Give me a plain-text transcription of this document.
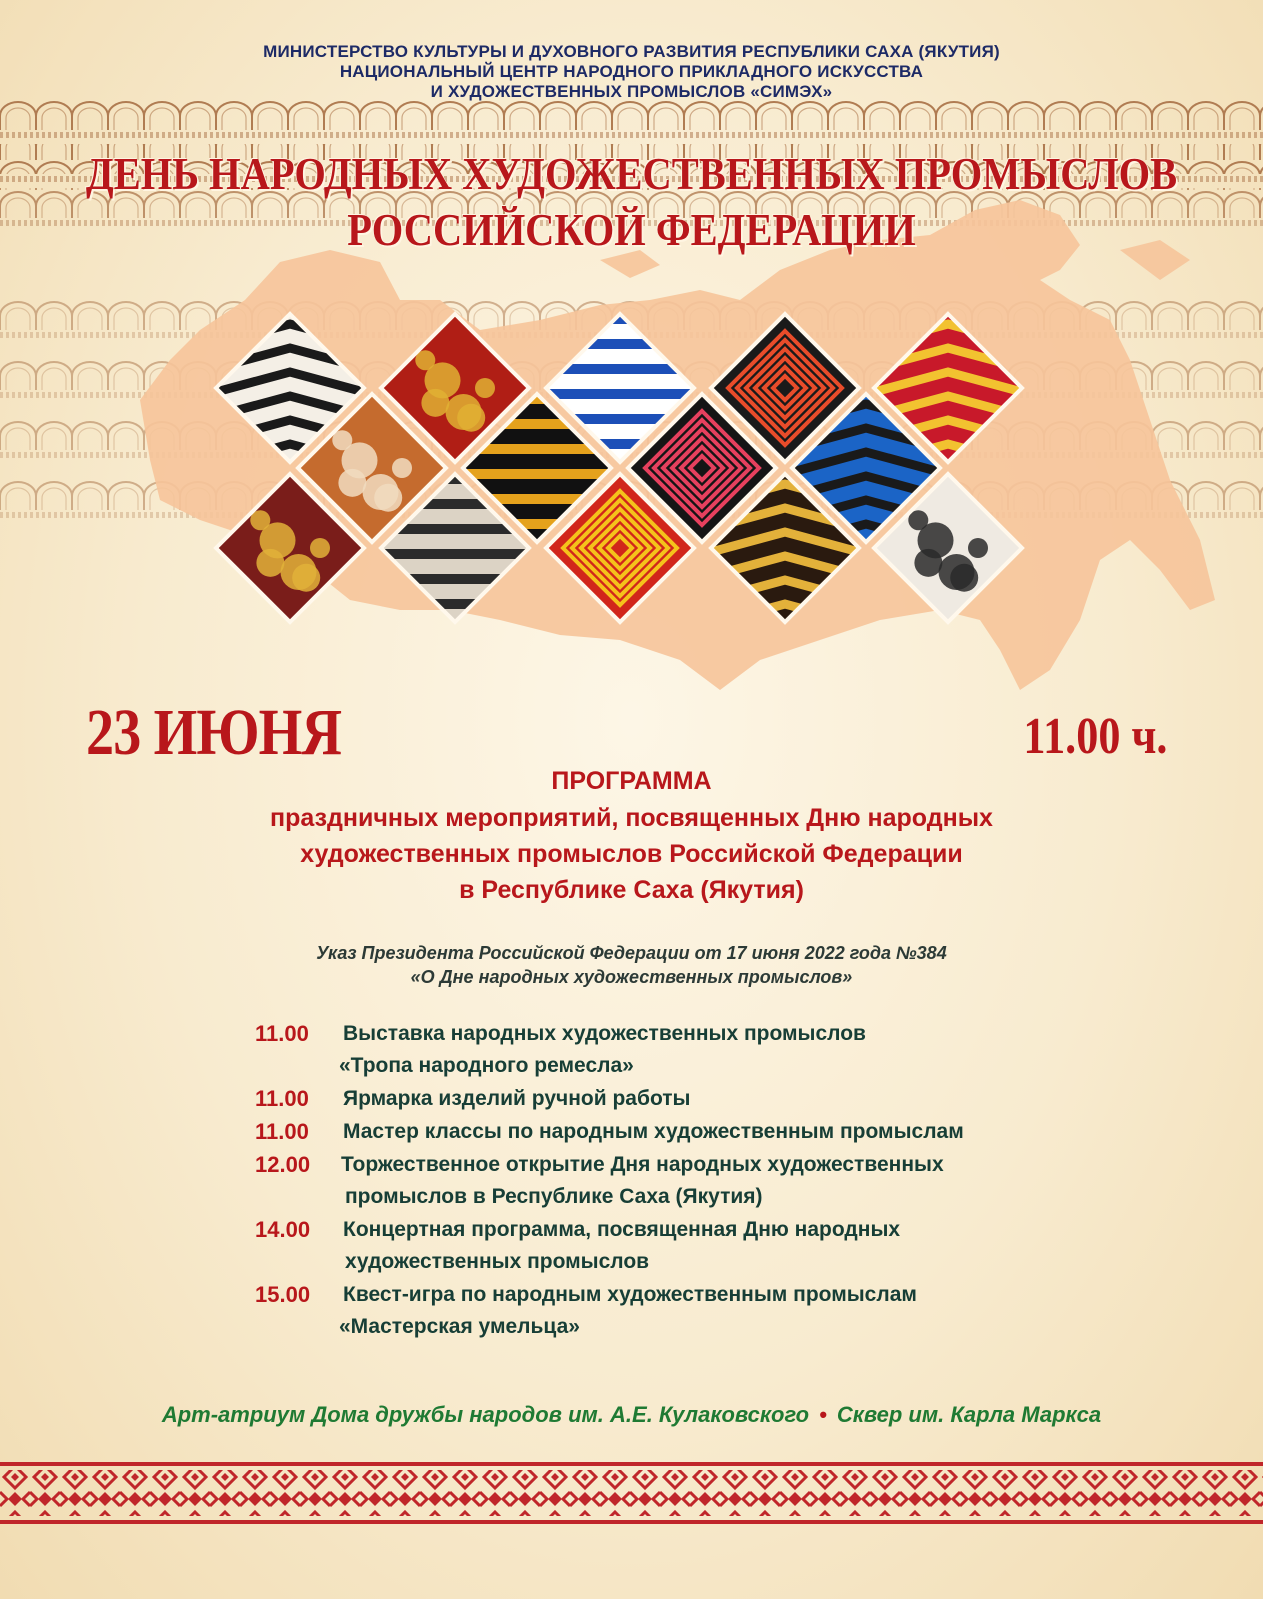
МИНИСТЕРСТВО КУЛЬТУРЫ И ДУХОВНОГО РАЗВИТИЯ РЕСПУБЛИКИ САХА (ЯКУТИЯ)
НАЦИОНАЛЬНЫЙ ЦЕНТР НАРОДНОГО ПРИКЛАДНОГО ИСКУССТВА
И ХУДОЖЕСТВЕННЫХ ПРОМЫСЛОВ «СИМЭХ»
ДЕНЬ НАРОДНЫХ ХУДОЖЕСТВЕННЫХ ПРОМЫСЛОВ
РОССИЙСКОЙ ФЕДЕРАЦИИ
23 ИЮНЯ	11.00 ч.
ПРОГРАММА
праздничных мероприятий, посвященных Дню народных
художественных промыслов Российской Федерации
в Республике Саха (Якутия)
Указ Президента Российской Федерации от 17 июня 2022 года №384
«О Дне народных художественных промыслов»
11.00	Выставка народных художественных промыслов
«Тропа народного ремесла»
11.00	Ярмарка изделий ручной работы
11.00	Мастер классы по народным художественным промыслам
12.00	Торжественное открытие Дня народных художественных
промыслов в Республике Саха (Якутия)
14.00	Концертная программа, посвященная Дню народных
художественных промыслов
15.00	Квест-игра по народным художественным промыслам
«Мастерская умельца»
Арт-атриум Дома дружбы народов им. А.Е. Кулаковского • Сквер им. Карла Маркса
